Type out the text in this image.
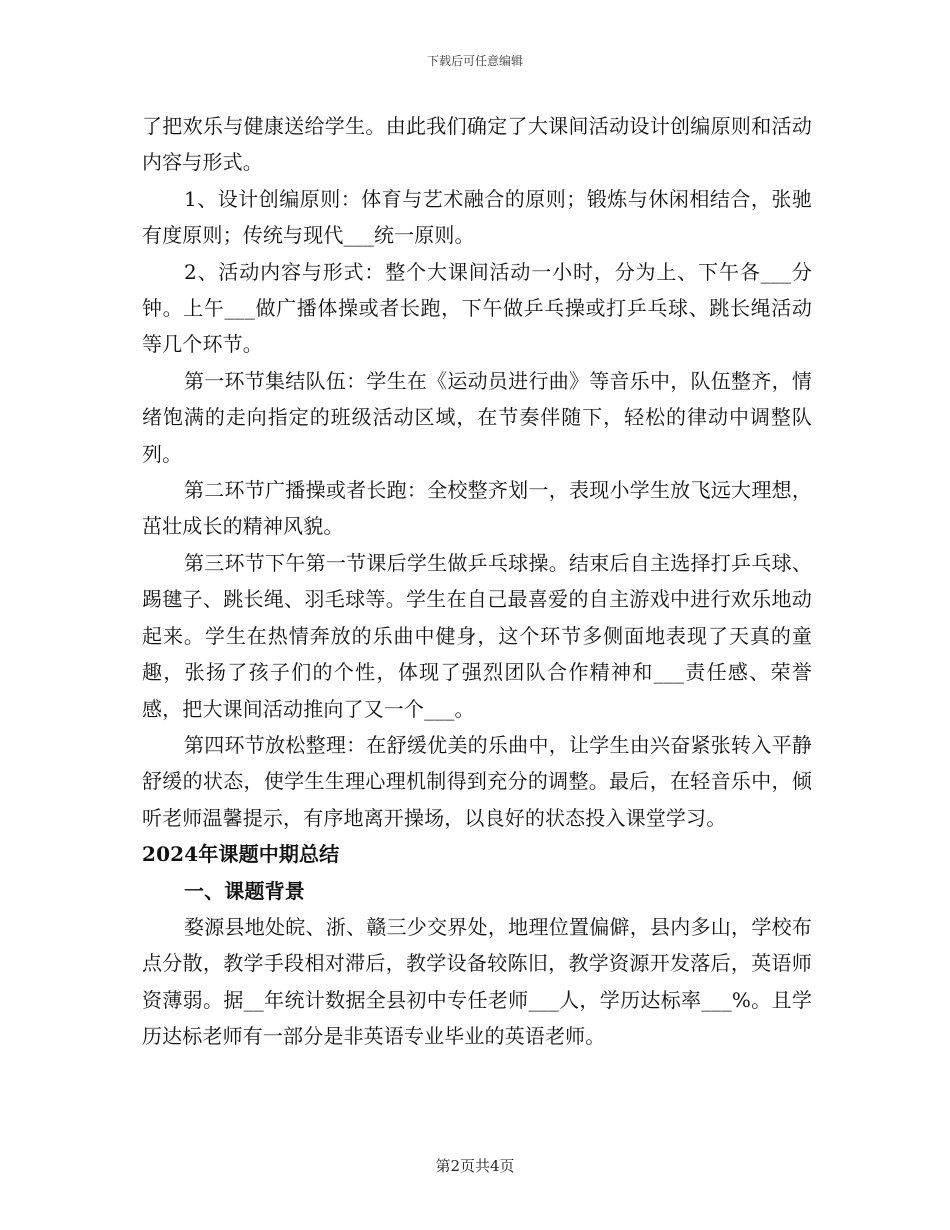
下载后可任意编辑

了把欢乐与健康送给学生。由此我们确定了大课间活动设计创编原则和活动内容与形式。

1、设计创编原则：体育与艺术融合的原则；锻炼与休闲相结合，张驰有度原则；传统与现代___统一原则。

2、活动内容与形式：整个大课间活动一小时，分为上、下午各___分钟。上午___做广播体操或者长跑，下午做乒乓操或打乒乓球、跳长绳活动等几个环节。

第一环节集结队伍：学生在《运动员进行曲》等音乐中，队伍整齐，情绪饱满的走向指定的班级活动区域，在节奏伴随下，轻松的律动中调整队列。

第二环节广播操或者长跑：全校整齐划一，表现小学生放飞远大理想，茁壮成长的精神风貌。

第三环节下午第一节课后学生做乒乓球操。结束后自主选择打乒乓球、踢毽子、跳长绳、羽毛球等。学生在自己最喜爱的自主游戏中进行欢乐地动起来。学生在热情奔放的乐曲中健身，这个环节多侧面地表现了天真的童趣，张扬了孩子们的个性，体现了强烈团队合作精神和___责任感、荣誉感，把大课间活动推向了又一个___。

第四环节放松整理：在舒缓优美的乐曲中，让学生由兴奋紧张转入平静舒缓的状态，使学生生理心理机制得到充分的调整。最后，在轻音乐中，倾听老师温馨提示，有序地离开操场，以良好的状态投入课堂学习。

2024年课题中期总结

一、课题背景

婺源县地处皖、浙、赣三少交界处，地理位置偏僻，县内多山，学校布点分散，教学手段相对滞后，教学设备较陈旧，教学资源开发落后，英语师资薄弱。据__年统计数据全县初中专任老师___人，学历达标率___%。且学历达标老师有一部分是非英语专业毕业的英语老师。

第2页共4页
